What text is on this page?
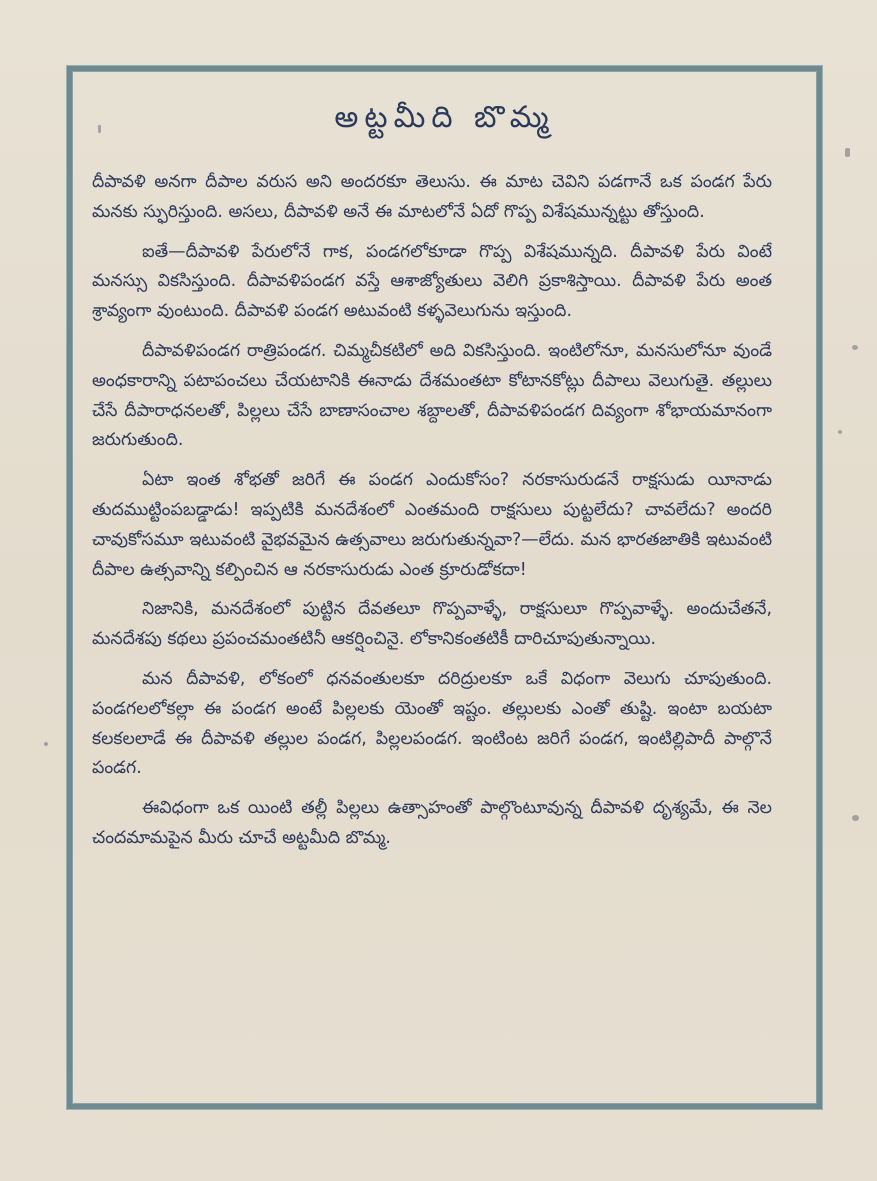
అట్టమీది బొమ్మ

దీపావళి అనగా దీపాల వరుస అని అందరకూ తెలుసు. ఈ మాట చెవిని పడగానే ఒక పండగ పేరు మనకు స్ఫురిస్తుంది. అసలు, దీపావళి అనే ఈ మాటలోనే ఏదో గొప్ప విశేషమున్నట్టు తోస్తుంది.

ఐతే—దీపావళి పేరులోనే గాక, పండగలోకూడా గొప్ప విశేషమున్నది. దీపావళి పేరు వింటే మనస్సు వికసిస్తుంది. దీపావళిపండగ వస్తే ఆశాజ్యోతులు వెలిగి ప్రకాశిస్తాయి. దీపావళి పేరు అంత శ్రావ్యంగా వుంటుంది. దీపావళి పండగ అటువంటి కళ్ళవెలుగును ఇస్తుంది.

దీపావళిపండగ రాత్రిపండగ. చిమ్మచీకటిలో అది వికసిస్తుంది. ఇంటిలోనూ, మనసులోనూ వుండే అంధకారాన్ని పటాపంచలు చేయటానికి ఈనాడు దేశమంతటా కోటానకోట్లు దీపాలు వెలుగుతై. తల్లులు చేసే దీపారాధనలతో, పిల్లలు చేసే బాణాసంచాల శబ్దాలతో, దీపావళిపండగ దివ్యంగా శోభాయమానంగా జరుగుతుంది.

ఏటా ఇంత శోభతో జరిగే ఈ పండగ ఎందుకోసం? నరకాసురుడనే రాక్షసుడు యీనాడు తుదముట్టింపబడ్డాడు! ఇప్పటికి మనదేశంలో ఎంతమంది రాక్షసులు పుట్టలేదు? చావలేదు? అందరి చావుకోసమూ ఇటువంటి వైభవమైన ఉత్సవాలు జరుగుతున్నవా?—లేదు. మన భారతజాతికి ఇటువంటి దీపాల ఉత్సవాన్ని కల్పించిన ఆ నరకాసురుడు ఎంత క్రూరుడోకదా!

నిజానికి, మనదేశంలో పుట్టిన దేవతలూ గొప్పవాళ్ళే, రాక్షసులూ గొప్పవాళ్ళే. అందుచేతనే, మనదేశపు కథలు ప్రపంచమంతటినీ ఆకర్షించినై. లోకానికంతటికీ దారిచూపుతున్నాయి.

మన దీపావళి, లోకంలో ధనవంతులకూ దరిద్రులకూ ఒకే విధంగా వెలుగు చూపుతుంది. పండగలలోకల్లా ఈ పండగ అంటే పిల్లలకు యెంతో ఇష్టం. తల్లులకు ఎంతో తుష్టి. ఇంటా బయటా కలకలలాడే ఈ దీపావళి తల్లుల పండగ, పిల్లలపండగ. ఇంటింట జరిగే పండగ, ఇంటిల్లిపాదీ పాల్గొనే పండగ.

ఈవిధంగా ఒక యింటి తల్లీ పిల్లలు ఉత్సాహంతో పాల్గొంటూవున్న దీపావళి దృశ్యమే, ఈ నెల చందమామపైన మీరు చూచే అట్టమీది బొమ్మ.
